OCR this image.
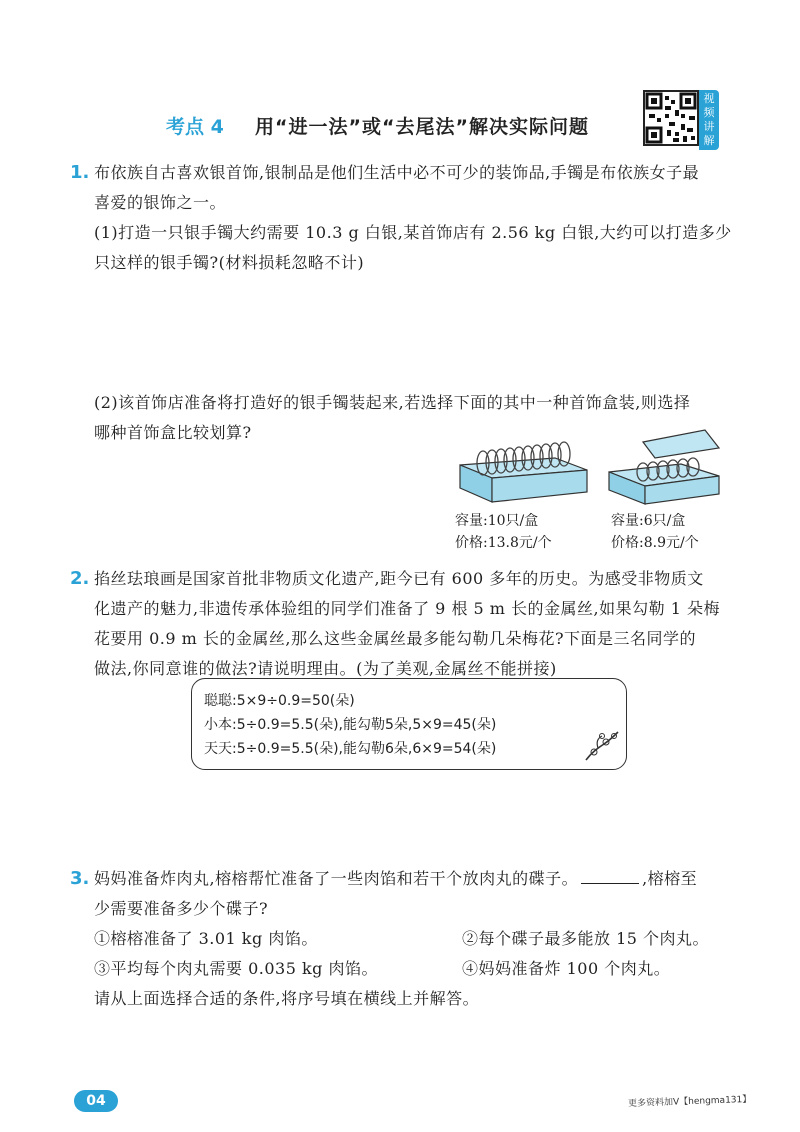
考点 4 用“进一法”或“去尾法”解决实际问题
视频讲解
1. 布依族自古喜欢银首饰,银制品是他们生活中必不可少的装饰品,手镯是布依族女子最
喜爱的银饰之一。
(1)打造一只银手镯大约需要 10.3 g 白银,某首饰店有 2.56 kg 白银,大约可以打造多少
只这样的银手镯?(材料损耗忽略不计)
(2)该首饰店准备将打造好的银手镯装起来,若选择下面的其中一种首饰盒装,则选择
哪种首饰盒比较划算?
容量:10只/盒
价格:13.8元/个
容量:6只/盒
价格:8.9元/个
2. 掐丝珐琅画是国家首批非物质文化遗产,距今已有 600 多年的历史。为感受非物质文
化遗产的魅力,非遗传承体验组的同学们准备了 9 根 5 m 长的金属丝,如果勾勒 1 朵梅
花要用 0.9 m 长的金属丝,那么这些金属丝最多能勾勒几朵梅花?下面是三名同学的
做法,你同意谁的做法?请说明理由。(为了美观,金属丝不能拼接)
聪聪:5×9÷0.9=50(朵)
小本:5÷0.9=5.5̇(朵),能勾勒5朵,5×9=45(朵)
天天:5÷0.9=5.5̇(朵),能勾勒6朵,6×9=54(朵)
3. 妈妈准备炸肉丸,榕榕帮忙准备了一些肉馅和若干个放肉丸的碟子。	,榕榕至
少需要准备多少个碟子?
①榕榕准备了 3.01 kg 肉馅。	②每个碟子最多能放 15 个肉丸。
③平均每个肉丸需要 0.035 kg 肉馅。	④妈妈准备炸 100 个肉丸。
请从上面选择合适的条件,将序号填在横线上并解答。
04	更多资料加V【hengma131】
